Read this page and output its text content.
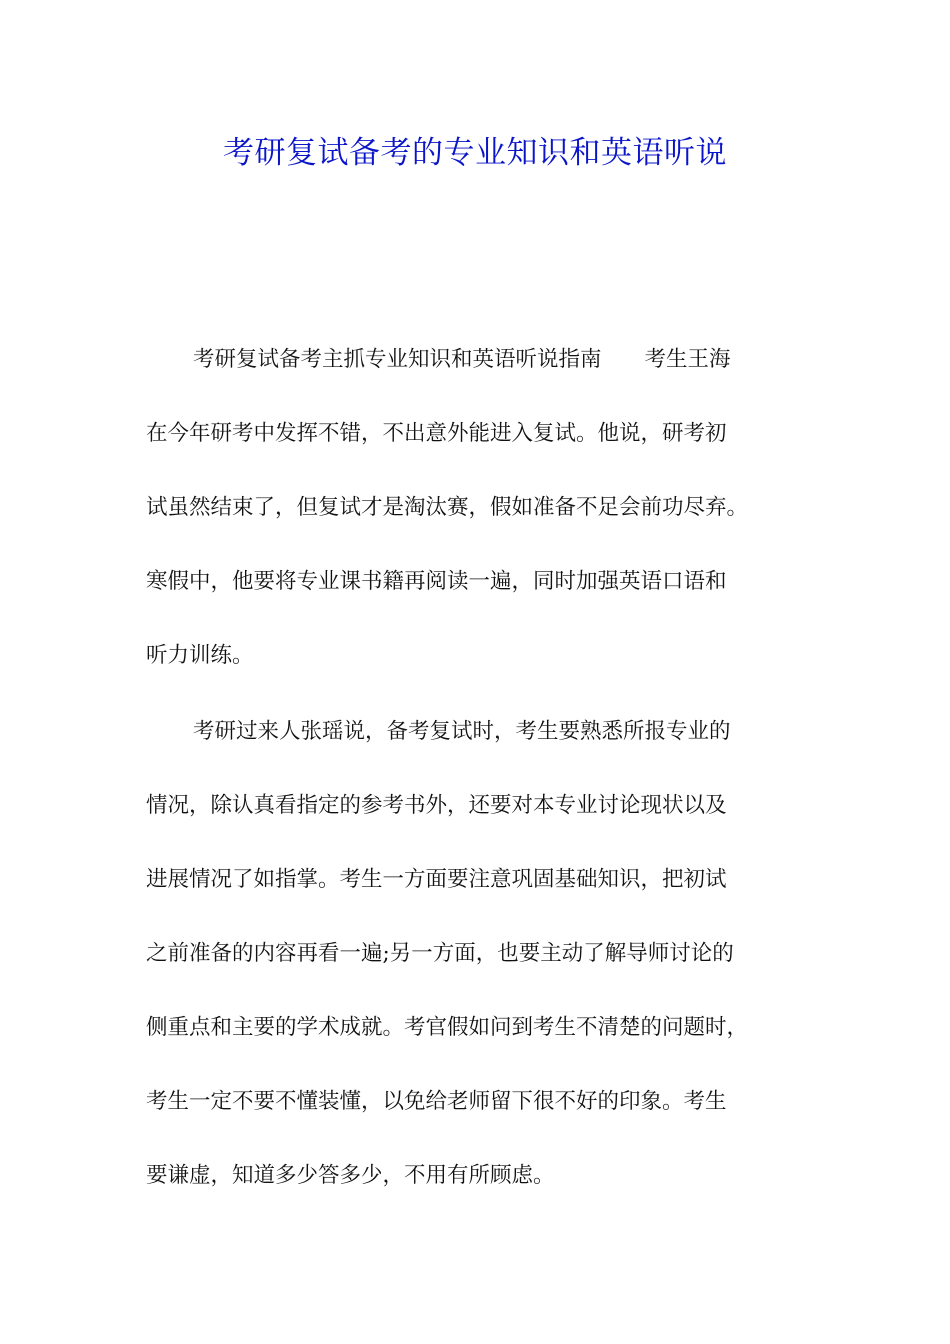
考研复试备考的专业知识和英语听说
考研复试备考主抓专业知识和英语听说指南　　考生王海
在今年研考中发挥不错，不出意外能进入复试。他说，研考初
试虽然结束了，但复试才是淘汰赛，假如准备不足会前功尽弃。
寒假中，他要将专业课书籍再阅读一遍，同时加强英语口语和
听力训练。
考研过来人张瑶说，备考复试时，考生要熟悉所报专业的
情况，除认真看指定的参考书外，还要对本专业讨论现状以及
进展情况了如指掌。考生一方面要注意巩固基础知识，把初试
之前准备的内容再看一遍;另一方面，也要主动了解导师讨论的
侧重点和主要的学术成就。考官假如问到考生不清楚的问题时，
考生一定不要不懂装懂，以免给老师留下很不好的印象。考生
要谦虚，知道多少答多少，不用有所顾虑。
